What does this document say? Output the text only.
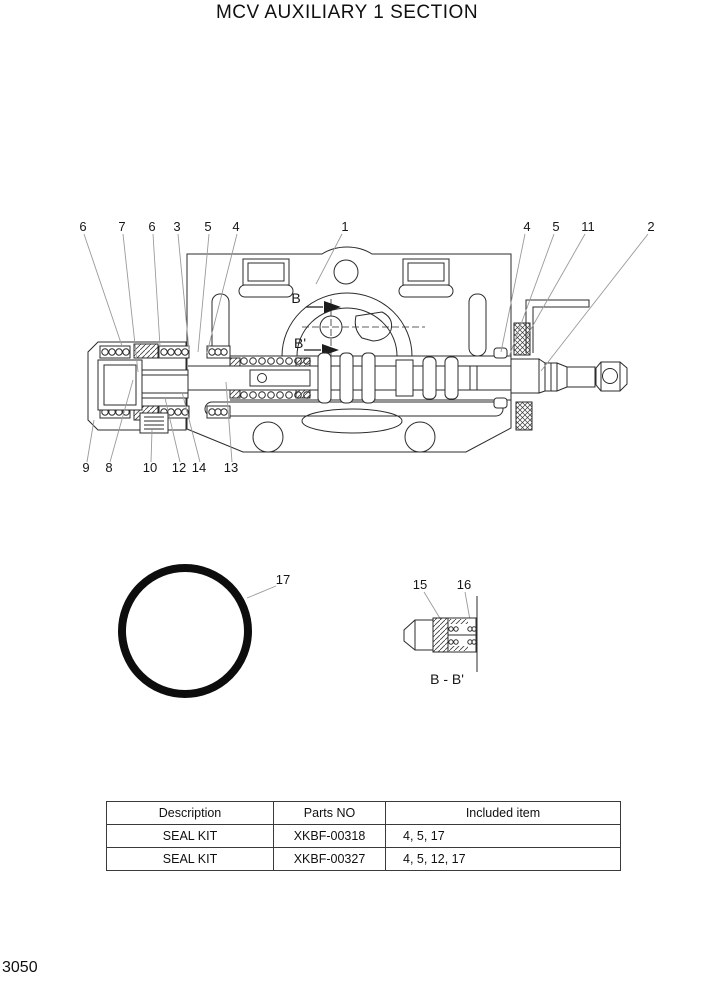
MCV AUXILIARY 1 SECTION
B
B'
6 7 6 3 5 4	1	4 5 11	2
9 8 10 12 14 13
17	15 16
B - B'
Description	Parts NO	Included item
SEAL KIT	XKBF-00318	4, 5, 17
SEAL KIT	XKBF-00327	4, 5, 12, 17
3050
